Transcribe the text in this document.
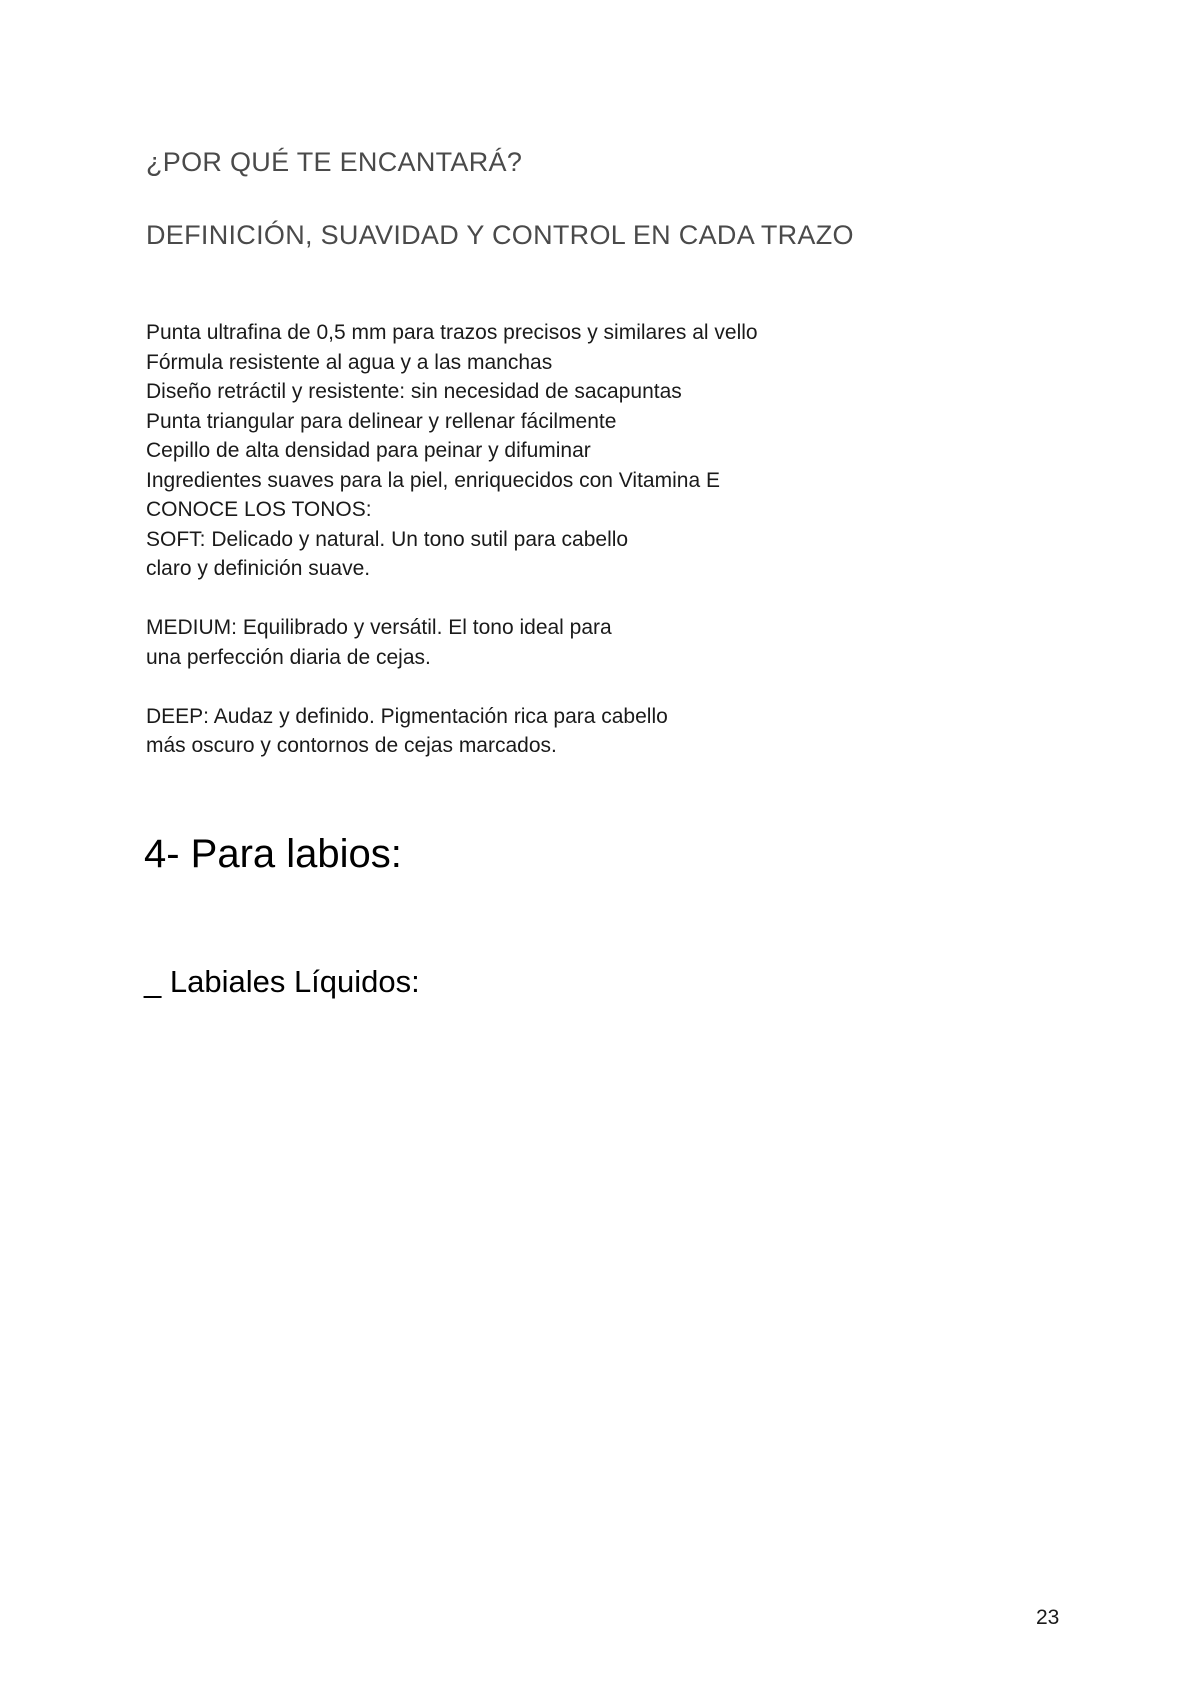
¿POR QUÉ TE ENCANTARÁ?
DEFINICIÓN, SUAVIDAD Y CONTROL EN CADA TRAZO
Punta ultrafina de 0,5 mm para trazos precisos y similares al vello
Fórmula resistente al agua y a las manchas
Diseño retráctil y resistente: sin necesidad de sacapuntas
Punta triangular para delinear y rellenar fácilmente
Cepillo de alta densidad para peinar y difuminar
Ingredientes suaves para la piel, enriquecidos con Vitamina E
CONOCE LOS TONOS:
SOFT: Delicado y natural. Un tono sutil para cabello
claro y definición suave.
MEDIUM: Equilibrado y versátil. El tono ideal para
una perfección diaria de cejas.
DEEP: Audaz y definido. Pigmentación rica para cabello
más oscuro y contornos de cejas marcados.
4- Para labios:
_ Labiales Líquidos:
23
